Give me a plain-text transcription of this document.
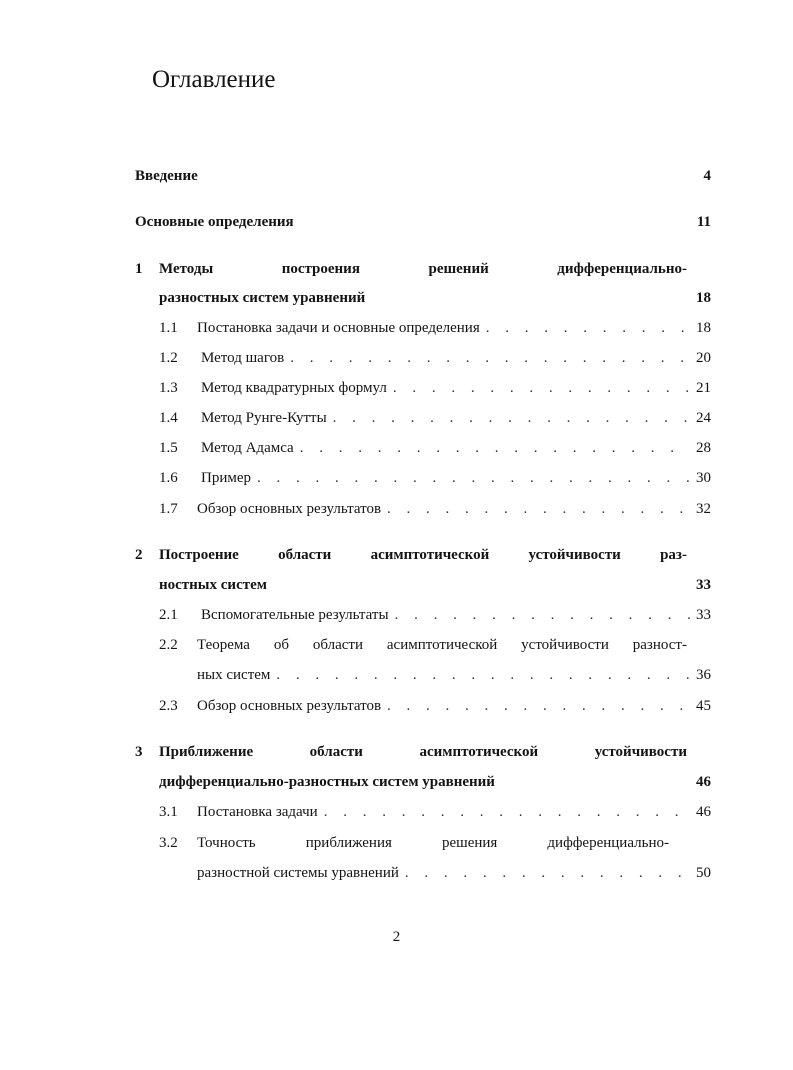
Оглавление
Введение	4
Основные определения	11
1	Методы	построения	решений	дифференциально-
разностных систем уравнений	18
1.1	Постановка задачи и основные определения . . .	18
1.2	Метод шагов . . .	20
1.3	Метод квадратурных формул . . .	21
1.4	Метод Рунге-Кутты . . .	24
1.5	Метод Адамса . . .	28
1.6	Пример . . .	30
1.7	Обзор основных результатов . . .	32
2	Построение	области	асимптотической	устойчивости	раз-
ностных систем	33
2.1	Вспомогательные результаты . . .	33
2.2	Теорема об области асимптотической устойчивости разност-
ных систем . . .	36
2.3	Обзор основных результатов . . .	45
3	Приближение	области	асимптотической	устойчивости
дифференциально-разностных систем уравнений	46
3.1	Постановка задачи . . .	46
3.2	Точность	приближения	решения	дифференциально-
разностной системы уравнений . . .	50
2
